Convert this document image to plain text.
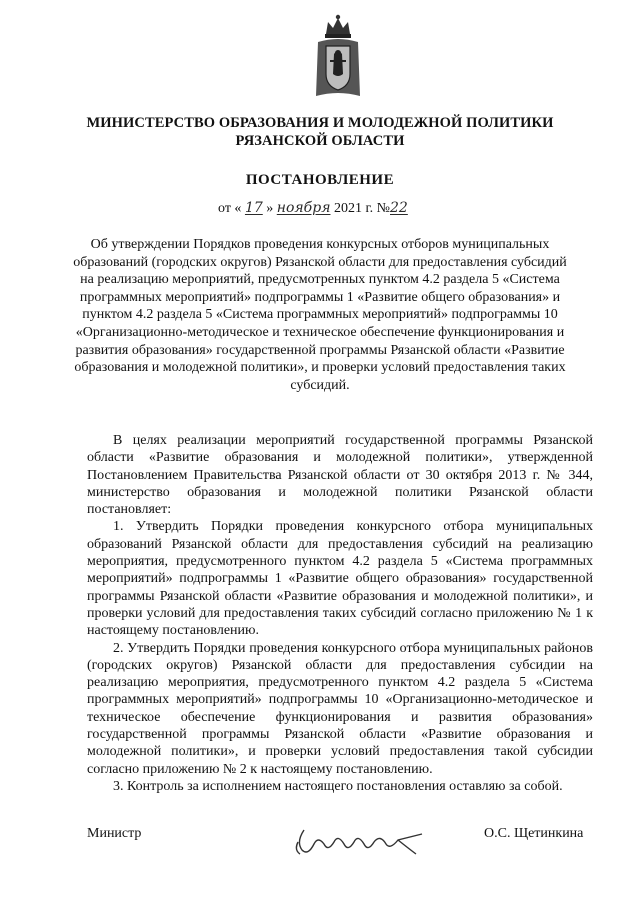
МИНИСТЕРСТВО ОБРАЗОВАНИЯ И МОЛОДЕЖНОЙ ПОЛИТИКИ
РЯЗАНСКОЙ ОБЛАСТИ
ПОСТАНОВЛЕНИЕ
от « 17 » ноября 2021 г. №22
Об утверждении Порядков проведения конкурсных отборов муниципальных образований (городских округов) Рязанской области для предоставления субсидий на реализацию мероприятий, предусмотренных пунктом 4.2 раздела 5 «Система программных мероприятий» подпрограммы 1 «Развитие общего образования» и пунктом 4.2 раздела 5 «Система программных мероприятий» подпрограммы 10 «Организационно-методическое и техническое обеспечение функционирования и развития образования» государственной программы Рязанской области «Развитие образования и молодежной политики», и проверки условий предоставления таких субсидий.

В целях реализации мероприятий государственной программы Рязанской области «Развитие образования и молодежной политики», утвержденной Постановлением Правительства Рязанской области от 30 октября 2013 г. № 344, министерство образования и молодежной политики Рязанской области постановляет:

1. Утвердить Порядки проведения конкурсного отбора муниципальных образований Рязанской области для предоставления субсидий на реализацию мероприятия, предусмотренного пунктом 4.2 раздела 5 «Система программных мероприятий» подпрограммы 1 «Развитие общего образования» государственной программы Рязанской области «Развитие образования и молодежной политики», и проверки условий для предоставления таких субсидий согласно приложению № 1 к настоящему постановлению.

2. Утвердить Порядки проведения конкурсного отбора муниципальных районов (городских округов) Рязанской области для предоставления субсидии на реализацию мероприятия, предусмотренного пунктом 4.2 раздела 5 «Система программных мероприятий» подпрограммы 10 «Организационно-методическое и техническое обеспечение функционирования и развития образования» государственной программы Рязанской области «Развитие образования и молодежной политики», и проверки условий предоставления такой субсидии согласно приложению № 2 к настоящему постановлению.

3. Контроль за исполнением настоящего постановления оставляю за собой.

Министр	О.С. Щетинкина
